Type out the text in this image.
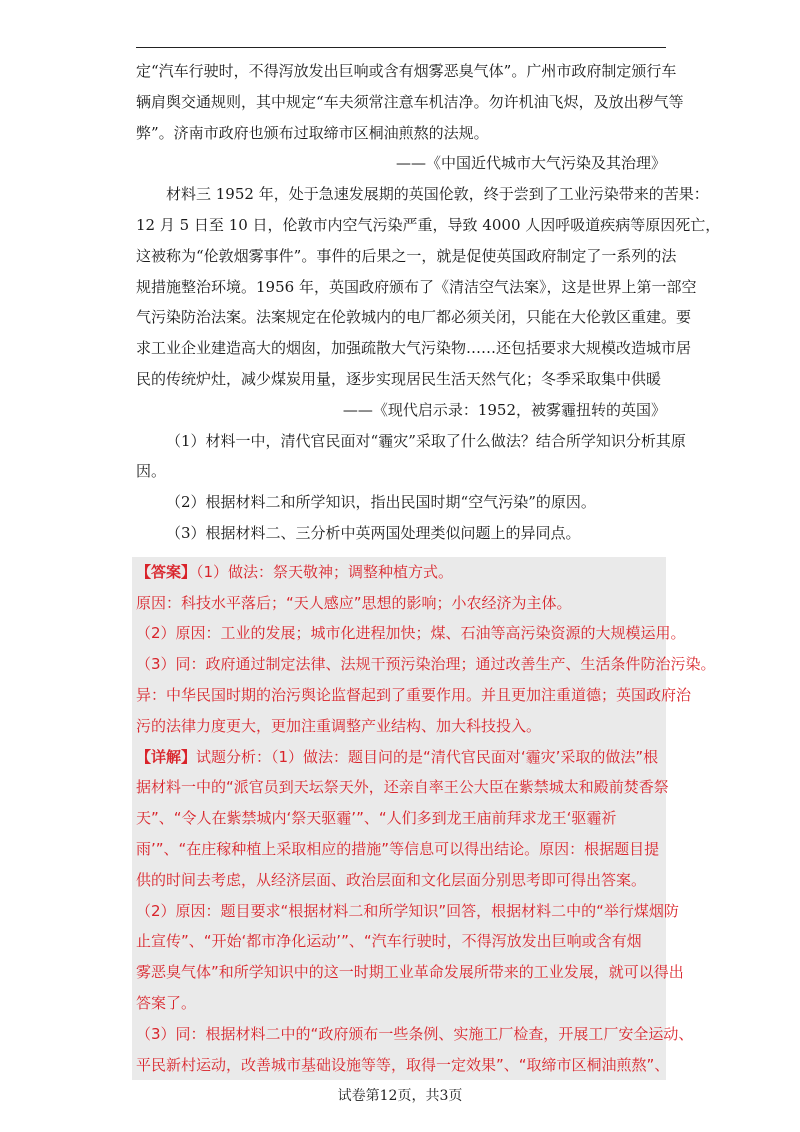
定“汽车行驶时，不得泻放发出巨响或含有烟雾恶臭气体”。广州市政府制定颁行车
辆肩舆交通规则，其中规定“车夫须常注意车机洁净。勿许机油飞烬，及放出秽气等
弊”。济南市政府也颁布过取缔市区桐油煎熬的法规。
——《中国近代城市大气污染及其治理》
材料三 1952 年，处于急速发展期的英国伦敦，终于尝到了工业污染带来的苦果：
12 月 5 日至 10 日，伦敦市内空气污染严重，导致 4000 人因呼吸道疾病等原因死亡，
这被称为“伦敦烟雾事件”。事件的后果之一，就是促使英国政府制定了一系列的法
规措施整治环境。1956 年，英国政府颁布了《清洁空气法案》，这是世界上第一部空
气污染防治法案。法案规定在伦敦城内的电厂都必须关闭，只能在大伦敦区重建。要
求工业企业建造高大的烟囱，加强疏散大气污染物……还包括要求大规模改造城市居
民的传统炉灶，减少煤炭用量，逐步实现居民生活天然气化；冬季采取集中供暖
——《现代启示录：1952，被雾霾扭转的英国》
（1）材料一中，清代官民面对“霾灾”采取了什么做法？结合所学知识分析其原
因。
（2）根据材料二和所学知识，指出民国时期“空气污染”的原因。
（3）根据材料二、三分析中英两国处理类似问题上的异同点。
【答案】（1）做法：祭天敬神；调整种植方式。
原因：科技水平落后；“天人感应”思想的影响；小农经济为主体。
（2）原因：工业的发展；城市化进程加快；煤、石油等高污染资源的大规模运用。
（3）同：政府通过制定法律、法规干预污染治理；通过改善生产、生活条件防治污染。
异：中华民国时期的治污舆论监督起到了重要作用。并且更加注重道德；英国政府治
污的法律力度更大，更加注重调整产业结构、加大科技投入。
【详解】试题分析：（1）做法：题目问的是“清代官民面对‘霾灾’采取的做法”根
据材料一中的“派官员到天坛祭天外，还亲自率王公大臣在紫禁城太和殿前焚香祭
天”、“令人在紫禁城内‘祭天驱霾’”、“人们多到龙王庙前拜求龙王‘驱霾祈
雨’”、“在庄稼种植上采取相应的措施”等信息可以得出结论。原因：根据题目提
供的时间去考虑，从经济层面、政治层面和文化层面分别思考即可得出答案。
（2）原因：题目要求“根据材料二和所学知识”回答，根据材料二中的“举行煤烟防
止宣传”、“开始‘都市净化运动’”、“汽车行驶时，不得泻放发出巨响或含有烟
雾恶臭气体”和所学知识中的这一时期工业革命发展所带来的工业发展，就可以得出
答案了。
（3）同：根据材料二中的“政府颁布一些条例、实施工厂检查，开展工厂安全运动、
平民新村运动，改善城市基础设施等等，取得一定效果”、“取缔市区桐油煎熬”、
试卷第12页，共3页
